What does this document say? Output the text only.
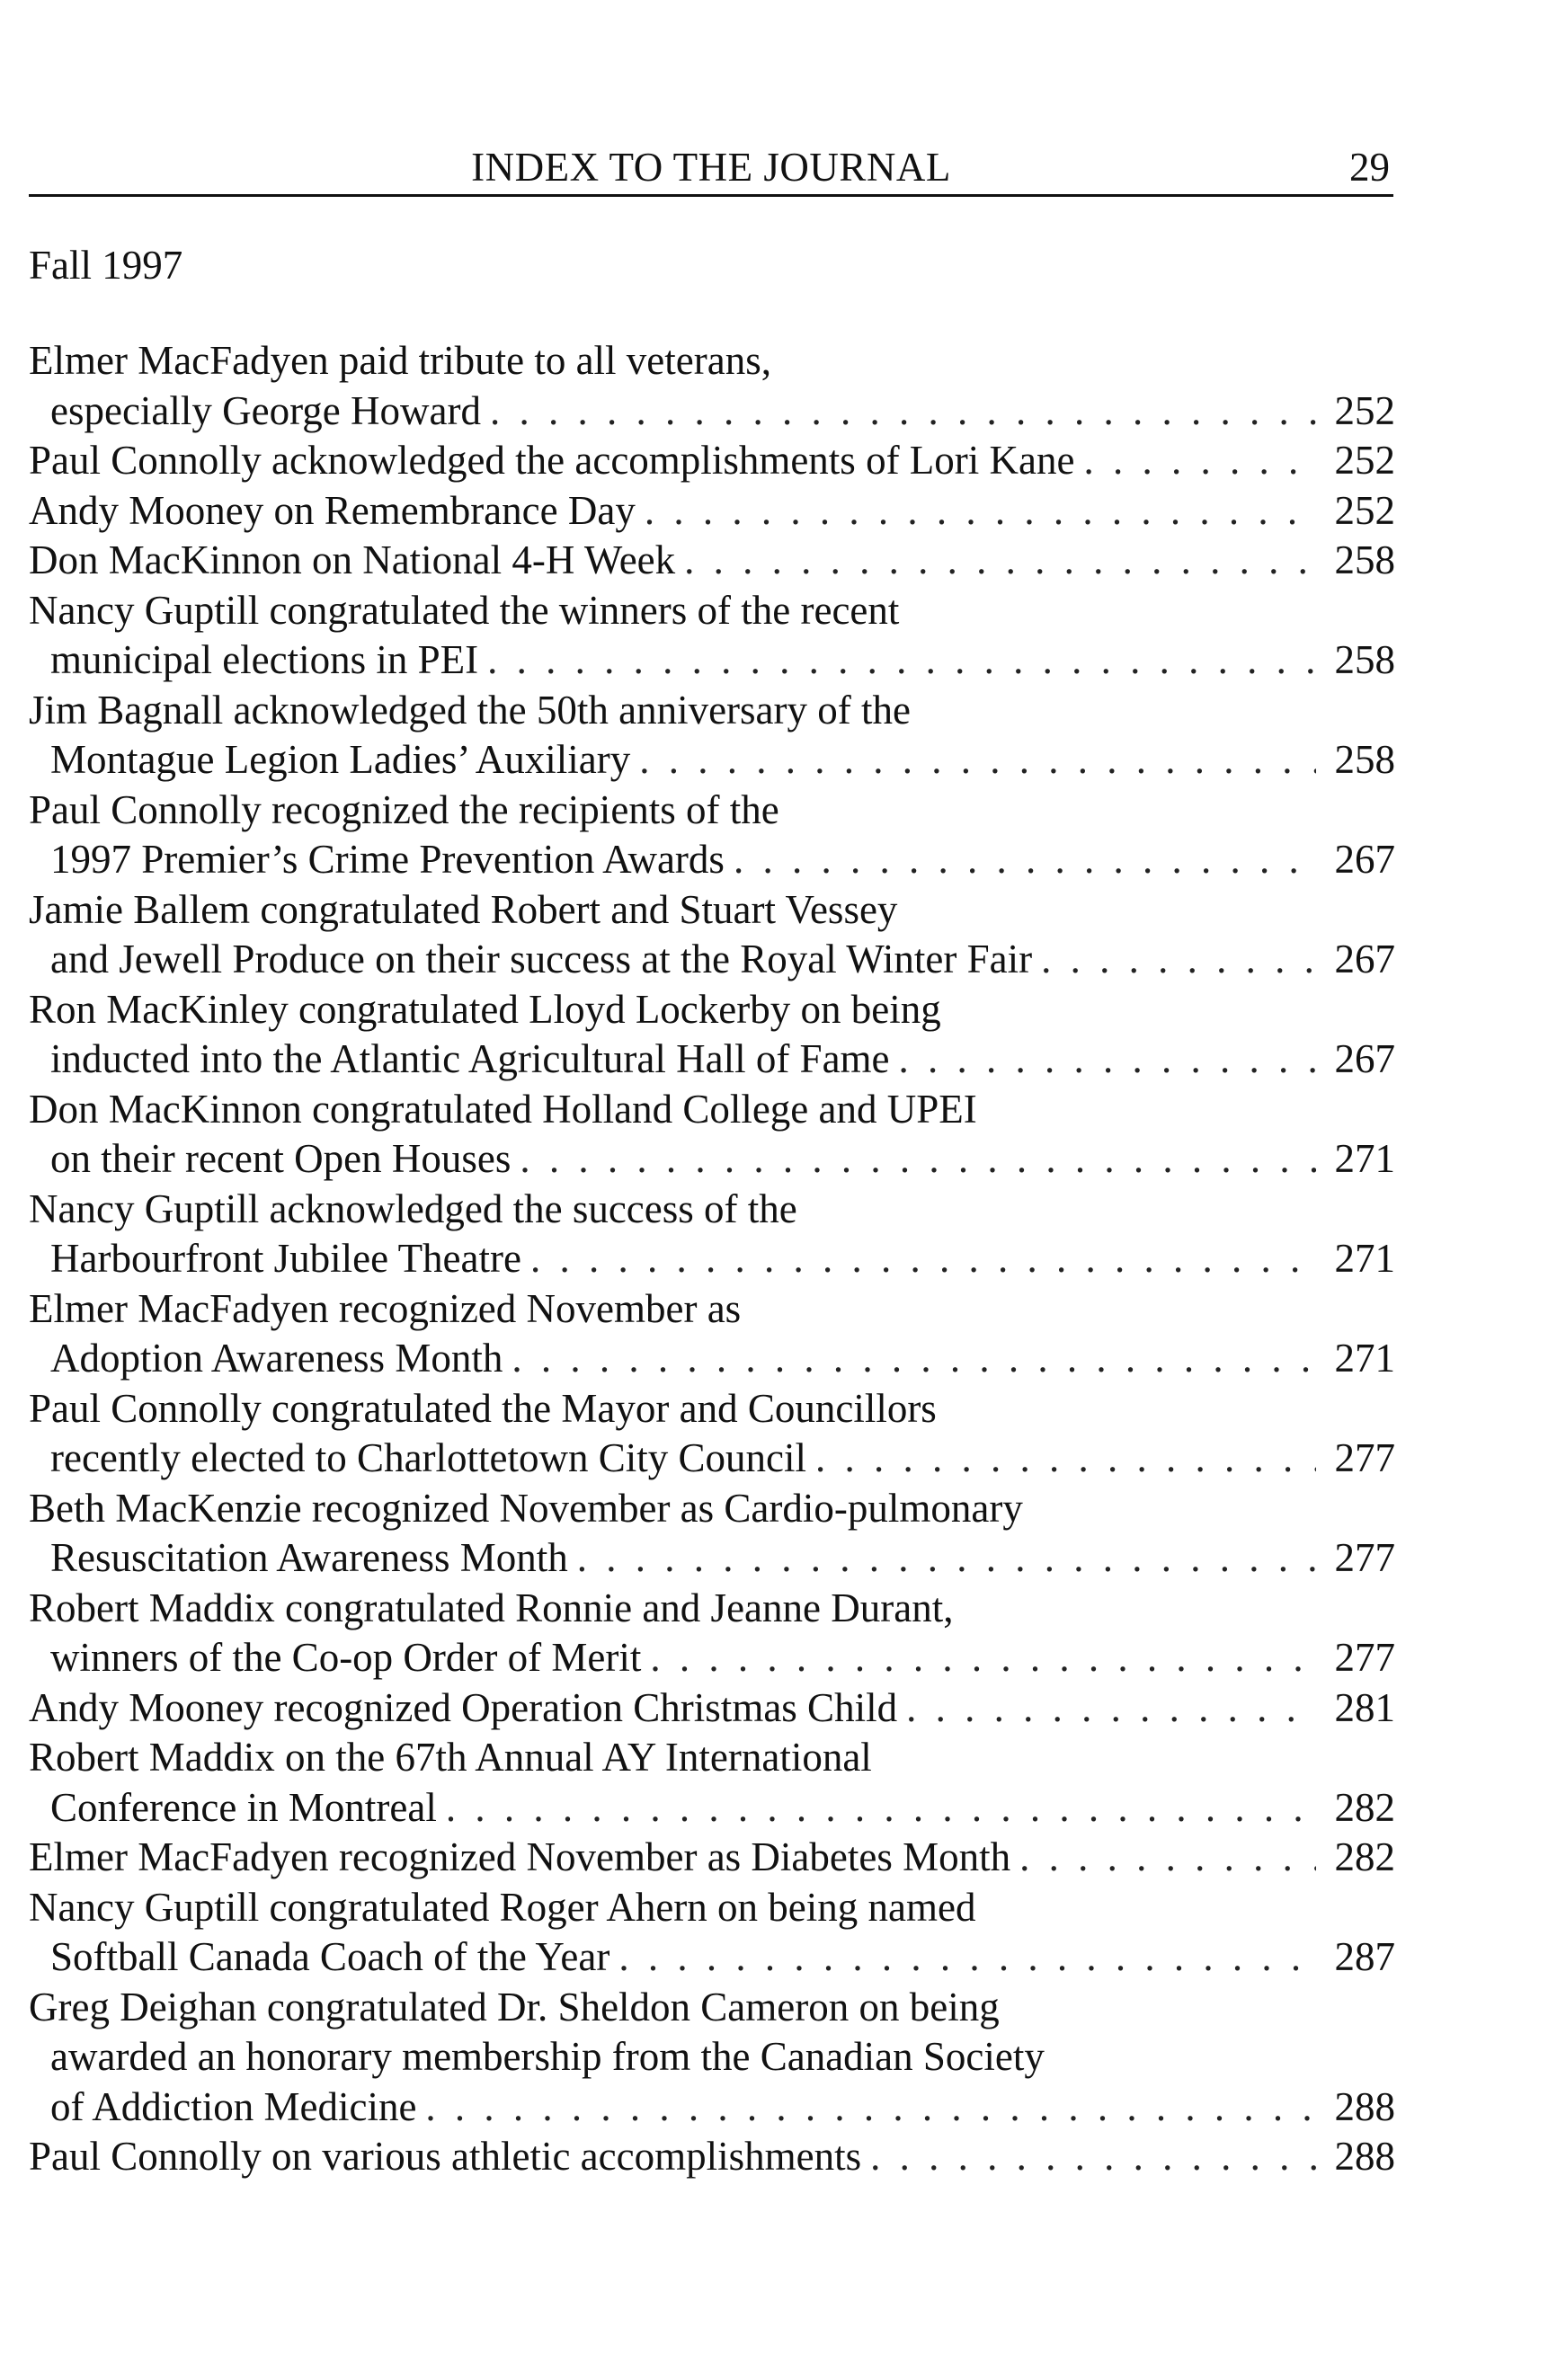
INDEX TO THE JOURNAL	29
Fall 1997
Elmer MacFadyen paid tribute to all veterans,
especially George Howard . . .	252
Paul Connolly acknowledged the accomplishments of Lori Kane . . .	252
Andy Mooney on Remembrance Day . . .	252
Don MacKinnon on National 4-H Week . . .	258
Nancy Guptill congratulated the winners of the recent
municipal elections in PEI . . .	258
Jim Bagnall acknowledged the 50th anniversary of the
Montague Legion Ladies’ Auxiliary . . .	258
Paul Connolly recognized the recipients of the
1997 Premier’s Crime Prevention Awards . . .	267
Jamie Ballem congratulated Robert and Stuart Vessey
and Jewell Produce on their success at the Royal Winter Fair . . .	267
Ron MacKinley congratulated Lloyd Lockerby on being
inducted into the Atlantic Agricultural Hall of Fame . . .	267
Don MacKinnon congratulated Holland College and UPEI
on their recent Open Houses . . .	271
Nancy Guptill acknowledged the success of the
Harbourfront Jubilee Theatre . . .	271
Elmer MacFadyen recognized November as
Adoption Awareness Month . . .	271
Paul Connolly congratulated the Mayor and Councillors
recently elected to Charlottetown City Council . . .	277
Beth MacKenzie recognized November as Cardio-pulmonary
Resuscitation Awareness Month . . .	277
Robert Maddix congratulated Ronnie and Jeanne Durant,
winners of the Co-op Order of Merit . . .	277
Andy Mooney recognized Operation Christmas Child . . .	281
Robert Maddix on the 67th Annual AY International
Conference in Montreal . . .	282
Elmer MacFadyen recognized November as Diabetes Month . . .	282
Nancy Guptill congratulated Roger Ahern on being named
Softball Canada Coach of the Year . . .	287
Greg Deighan congratulated Dr. Sheldon Cameron on being
awarded an honorary membership from the Canadian Society
of Addiction Medicine . . .	288
Paul Connolly on various athletic accomplishments . . .	288
